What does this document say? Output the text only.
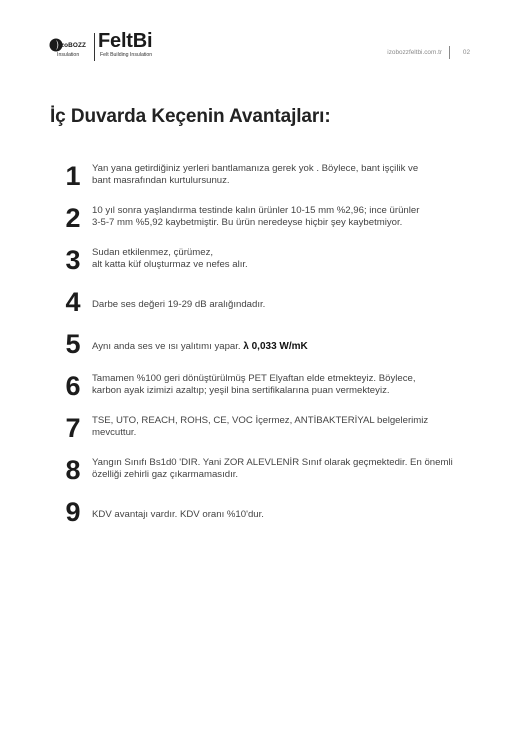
izoBOZZ
Insulation
FeltBi
Felt Building Insulation	izobozzfeltbi.com.tr	02
İç Duvarda Keçenin Avantajları:
1	Yan yana getirdiğiniz yerleri bantlamanıza gerek yok . Böylece, bant işçilik ve
bant masrafından kurtulursunuz.
2	10 yıl sonra yaşlandırma testinde kalın ürünler 10-15 mm %2,96; ince ürünler
3-5-7 mm %5,92 kaybetmiştir. Bu ürün neredeyse hiçbir şey kaybetmiyor.
3	Sudan etkilenmez, çürümez,
alt katta küf oluşturmaz ve nefes alır.
4	Darbe ses değeri 19-29 dB aralığındadır.
5	Aynı anda ses ve ısı yalıtımı yapar. λ 0,033 W/mK
6	Tamamen %100 geri dönüştürülmüş PET Elyaftan elde etmekteyiz. Böylece,
karbon ayak izimizi azaltıp; yeşil bina sertifikalarına puan vermekteyiz.
7	TSE, UTO, REACH, ROHS, CE, VOC İçermez, ANTİBAKTERİYAL belgelerimiz
mevcuttur.
8	Yangın Sınıfı Bs1d0 'DIR. Yani ZOR ALEVLENİR Sınıf olarak geçmektedir. En önemli
özelliği zehirli gaz çıkarmamasıdır.
9	KDV avantajı vardır. KDV oranı %10'dur.
